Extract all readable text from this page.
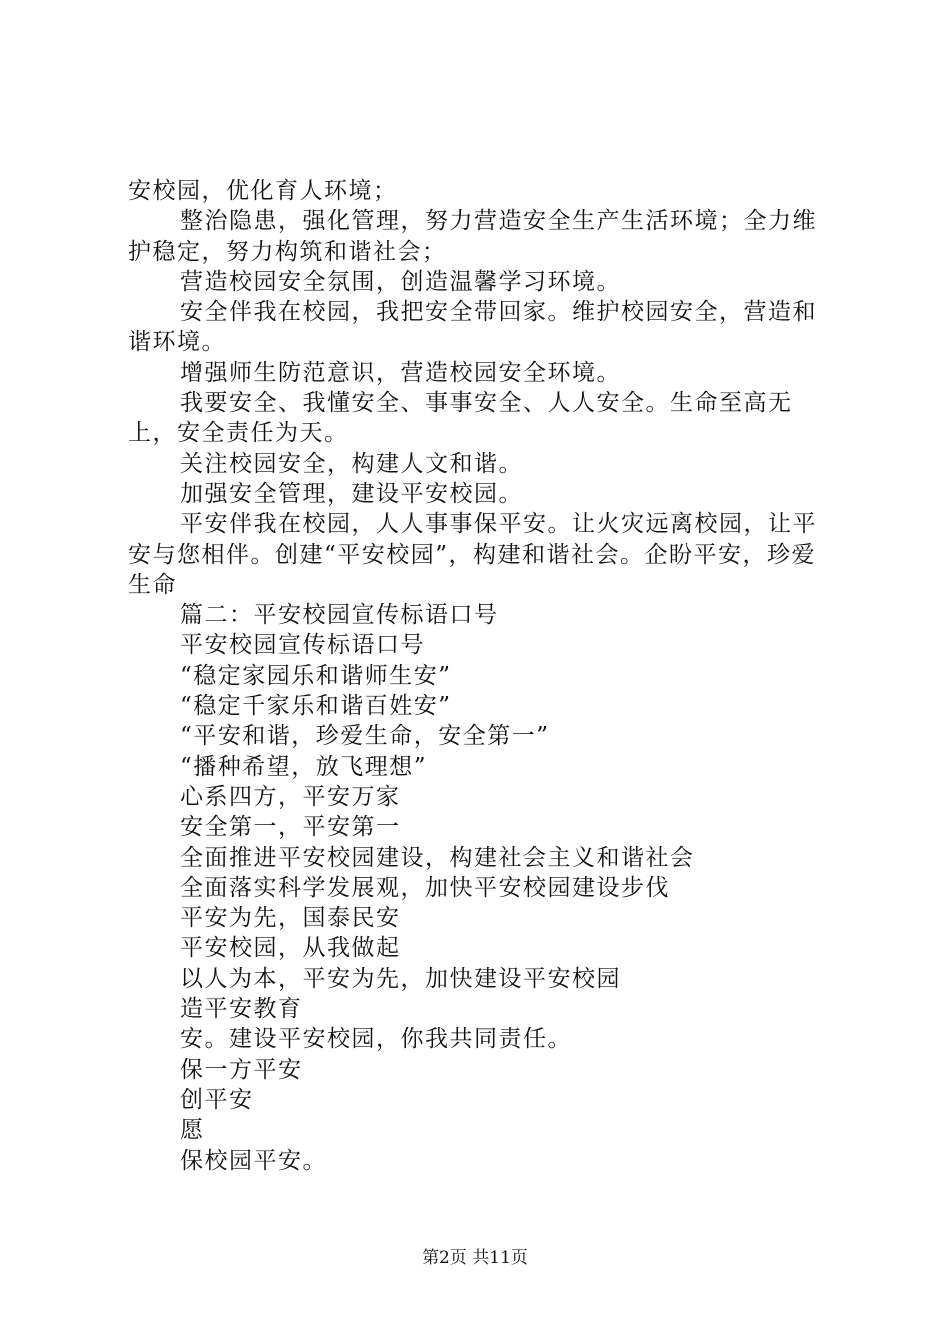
安校园，优化育人环境；

整治隐患，强化管理，努力营造安全生产生活环境；全力维护稳定，努力构筑和谐社会；

营造校园安全氛围，创造温馨学习环境。

安全伴我在校园，我把安全带回家。维护校园安全，营造和谐环境。

增强师生防范意识，营造校园安全环境。

我要安全、我懂安全、事事安全、人人安全。生命至高无上，安全责任为天。

关注校园安全，构建人文和谐。

加强安全管理，建设平安校园。

平安伴我在校园，人人事事保平安。让火灾远离校园，让平安与您相伴。创建“平安校园”，构建和谐社会。企盼平安，珍爱生命

篇二：平安校园宣传标语口号

平安校园宣传标语口号

“稳定家园乐和谐师生安”

“稳定千家乐和谐百姓安”

“平安和谐，珍爱生命，安全第一”

“播种希望，放飞理想”

心系四方，平安万家

安全第一，平安第一

全面推进平安校园建设，构建社会主义和谐社会

全面落实科学发展观，加快平安校园建设步伐

平安为先，国泰民安

平安校园，从我做起

以人为本，平安为先，加快建设平安校园

造平安教育

安。建设平安校园，你我共同责任。

保一方平安

创平安

愿

保校园平安。

第2页 共11页
